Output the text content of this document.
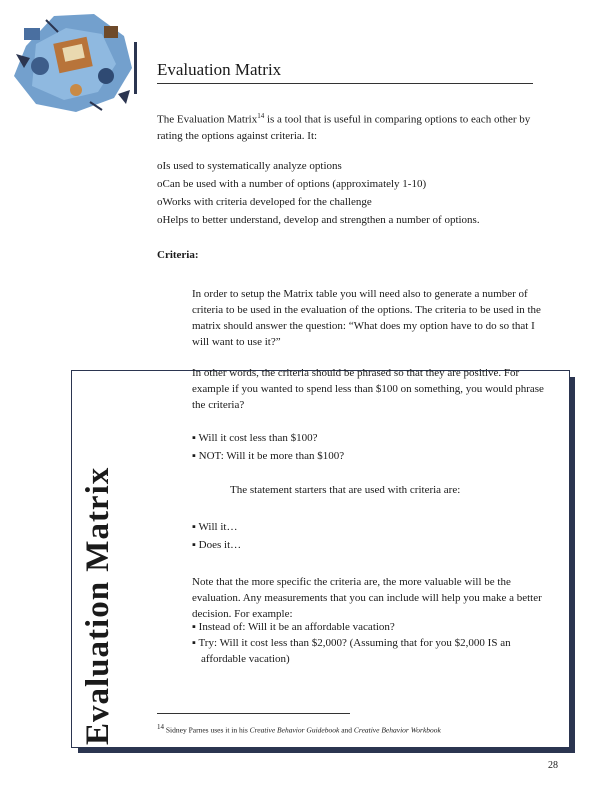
Evaluation Matrix
The Evaluation Matrix$^{14}$ is a tool that is useful in comparing options to each other by rating the options against criteria. It:
oIs used to systematically analyze options
oCan be used with a number of options (approximately 1-10)
oWorks with criteria developed for the challenge
oHelps to better understand, develop and strengthen a number of options.
Criteria:
Evaluation Matrix
In order to setup the Matrix table you will need also to generate a number of criteria to be used in the evaluation of the options. The criteria to be used in the matrix should answer the question: “What does my option have to do so that I will want to use it?”
In other words, the criteria should be phrased so that they are positive. For example if you wanted to spend less than $100 on something, you would phrase the criteria?
▪ Will it cost less than $100?
▪ NOT: Will it be more than $100?
The statement starters that are used with criteria are:
▪ Will it…
▪ Does it…
Note that the more specific the criteria are, the more valuable will be the evaluation. Any measurements that you can include will help you make a better decision. For example:
▪ Instead of: Will it be an affordable vacation?
▪ Try: Will it cost less than $2,000? (Assuming that for you $2,000 IS an
affordable vacation)
$^{14}$ Sidney Parnes uses it in his Creative Behavior Guidebook and Creative Behavior Workbook
28
